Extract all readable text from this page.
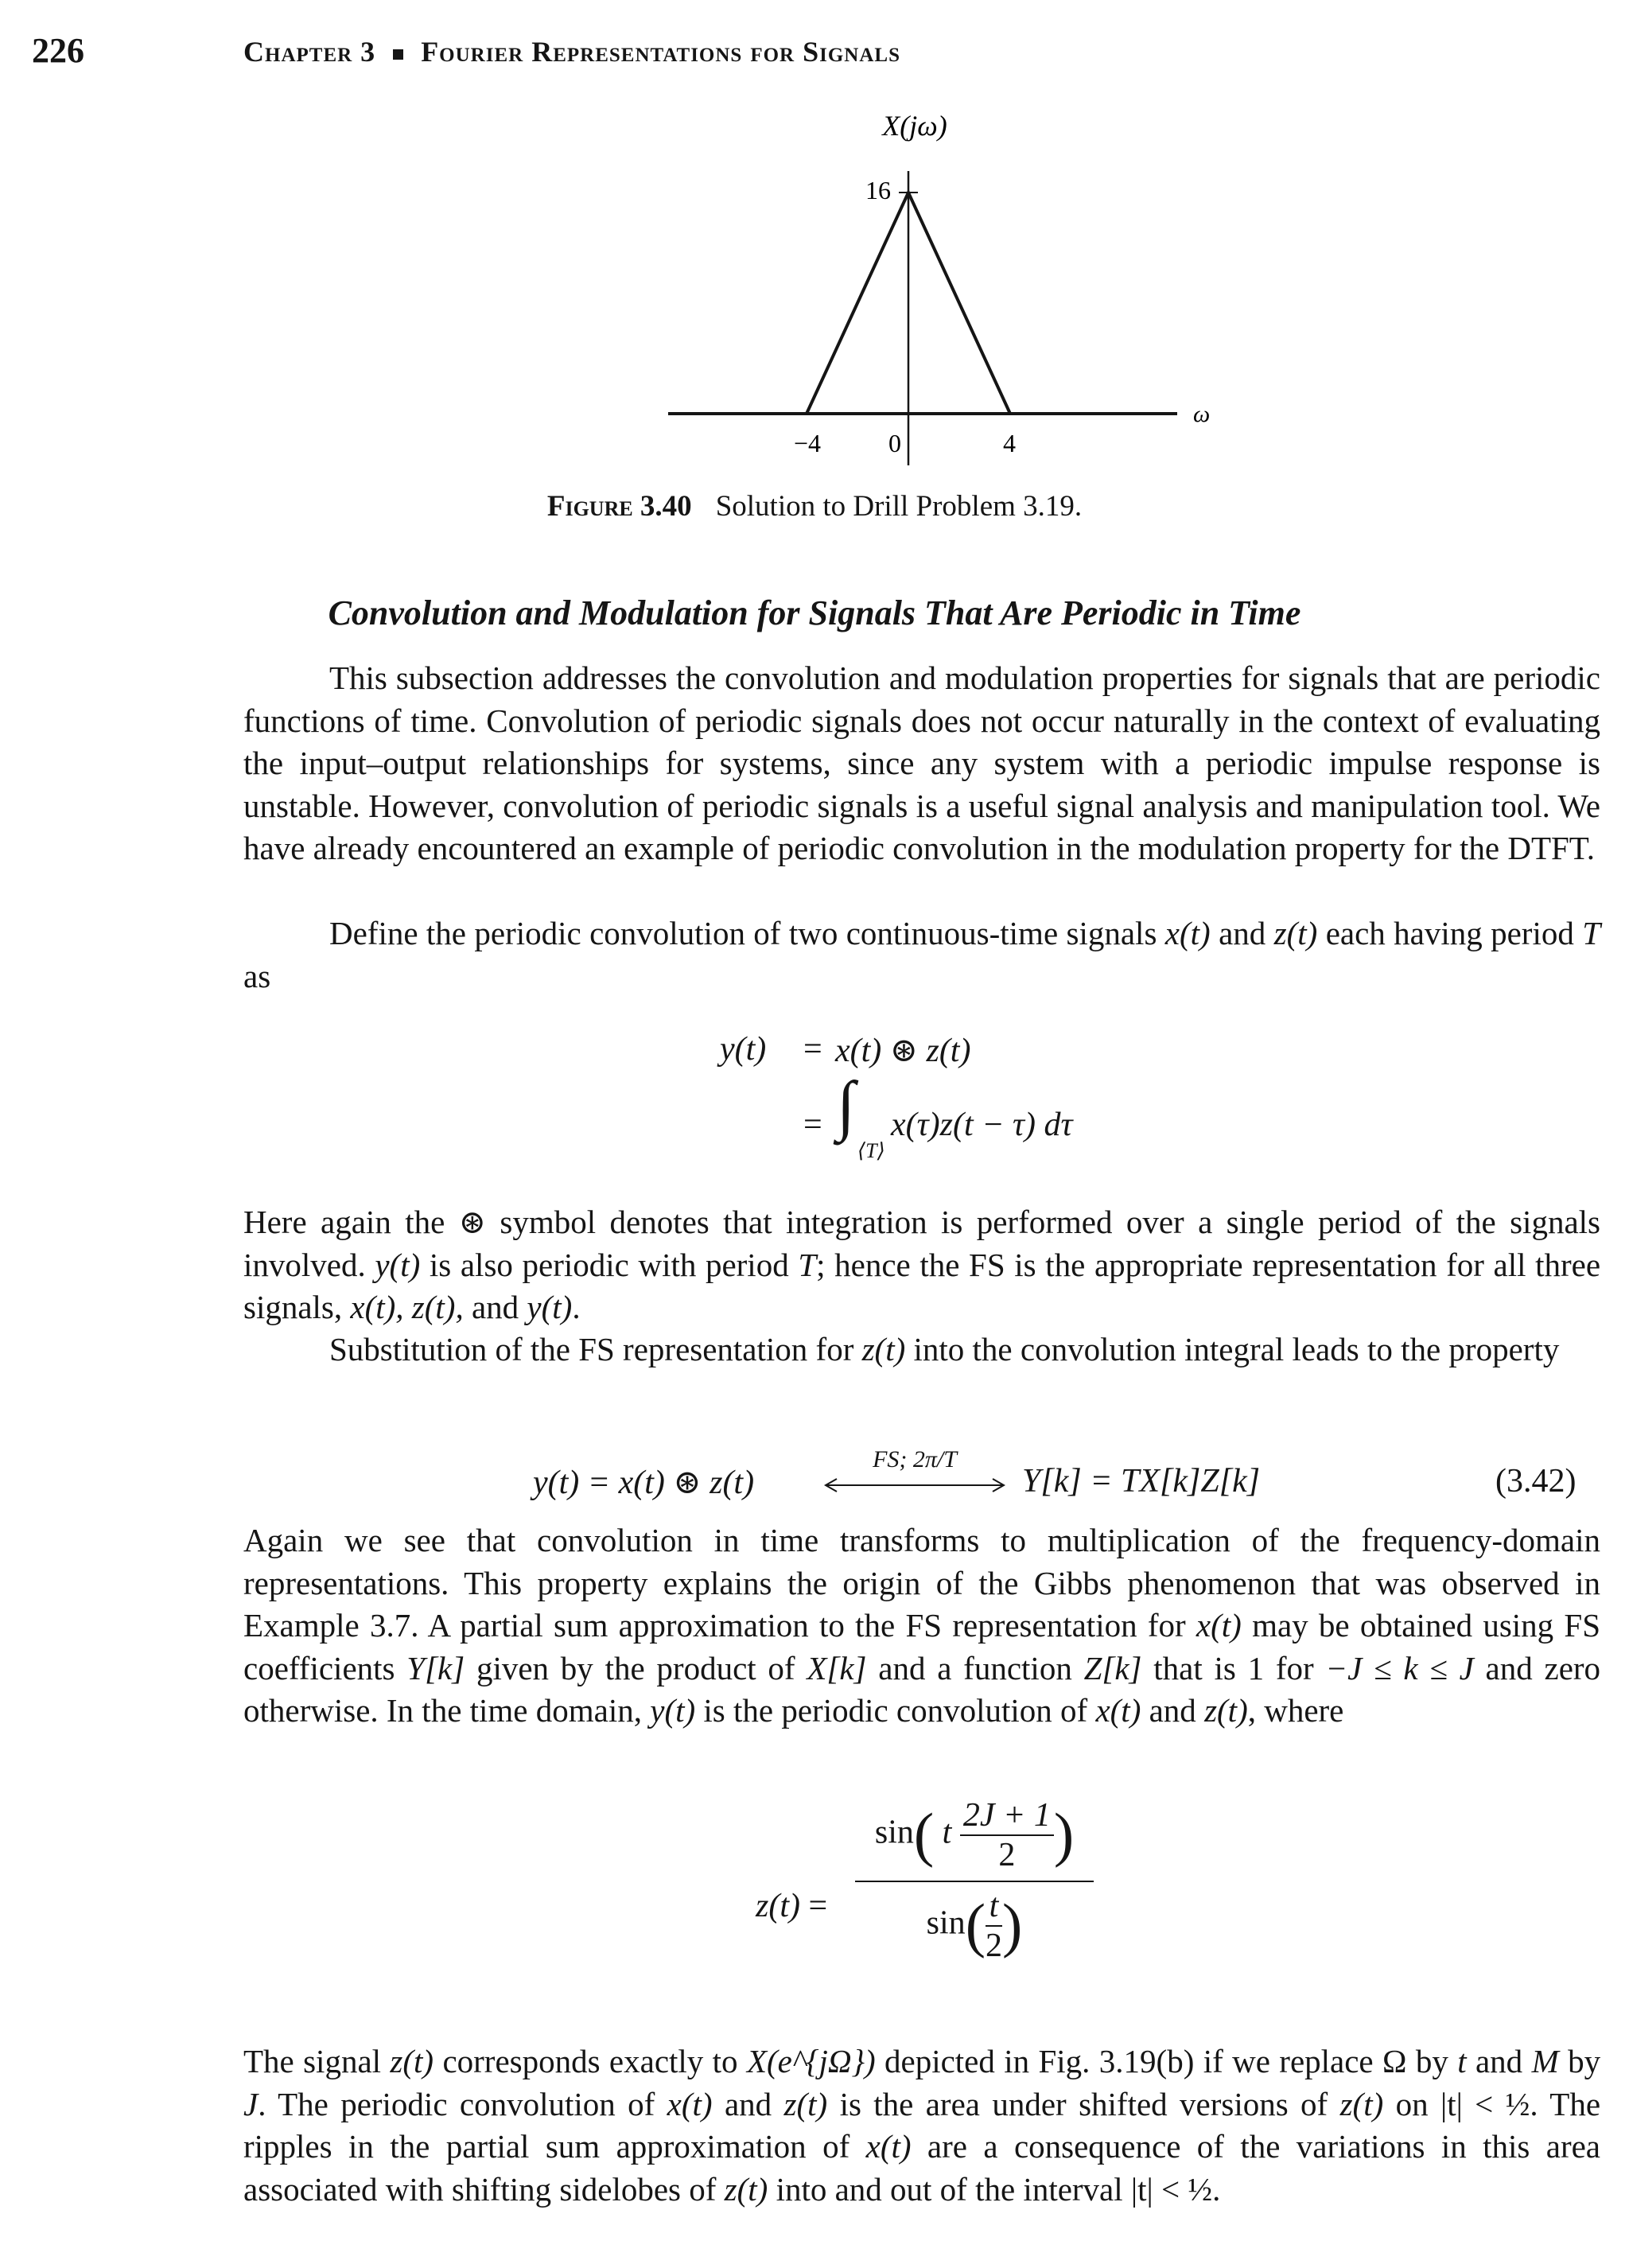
226	Chapter 3 Fourier Representations for Signals
X(jω)
16
ω
−4	0	4
Figure 3.40 Solution to Drill Problem 3.19.
Convolution and Modulation for Signals That Are Periodic in Time
This subsection addresses the convolution and modulation properties for signals that are periodic functions of time. Convolution of periodic signals does not occur naturally in the context of evaluating the input–output relationships for systems, since any system with a periodic impulse response is unstable. However, convolution of periodic signals is a useful signal analysis and manipulation tool. We have already encountered an example of periodic convolution in the modulation property for the DTFT.
Define the periodic convolution of two continuous-time signals x(t) and z(t) each having period T as
y(t) = x(t) ⊛ z(t)
= ∫
⟨T⟩
x(τ)z(t − τ) dτ
Here again the ⊛ symbol denotes that integration is performed over a single period of the signals involved. y(t) is also periodic with period T; hence the FS is the appropriate representation for all three signals, x(t), z(t), and y(t).
Substitution of the FS representation for z(t) into the convolution integral leads to the property
y(t) = x(t) ⊛ z(t)
FS; 2π/T
Y[k] = TX[k]Z[k]	(3.42)
Again we see that convolution in time transforms to multiplication of the frequency-domain representations. This property explains the origin of the Gibbs phenomenon that was observed in Example 3.7. A partial sum approximation to the FS representation for x(t) may be obtained using FS coefficients Y[k] given by the product of X[k] and a function Z[k] that is 1 for −J ≤ k ≤ J and zero otherwise. In the time domain, y(t) is the periodic convolution of x(t) and z(t), where
$z(t) = \frac{\sin( t \frac{2J + 1}{2} )}{\sin( \frac{t}{2} )}$
The signal z(t) corresponds exactly to X(e^{jΩ}) depicted in Fig. 3.19(b) if we replace Ω by t and M by J. The periodic convolution of x(t) and z(t) is the area under shifted versions of z(t) on |t| < ½. The ripples in the partial sum approximation of x(t) are a consequence of the variations in this area associated with shifting sidelobes of z(t) into and out of the interval |t| < ½.
